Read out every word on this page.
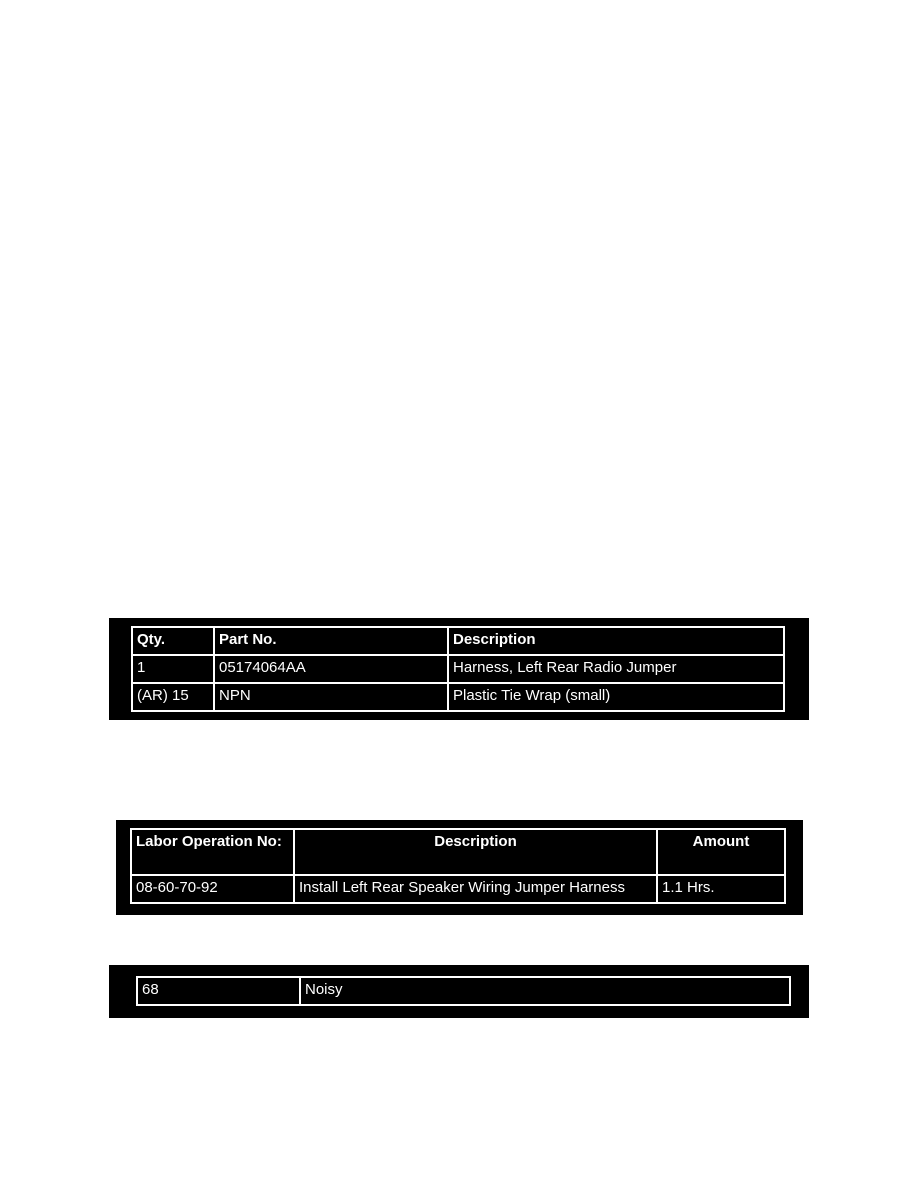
Qty.	Part No.	Description
1	05174064AA	Harness, Left Rear Radio Jumper
(AR) 15	NPN	Plastic Tie Wrap (small)
Labor Operation No:	Description	Amount
08-60-70-92	Install Left Rear Speaker Wiring Jumper Harness	1.1 Hrs.
68	Noisy
